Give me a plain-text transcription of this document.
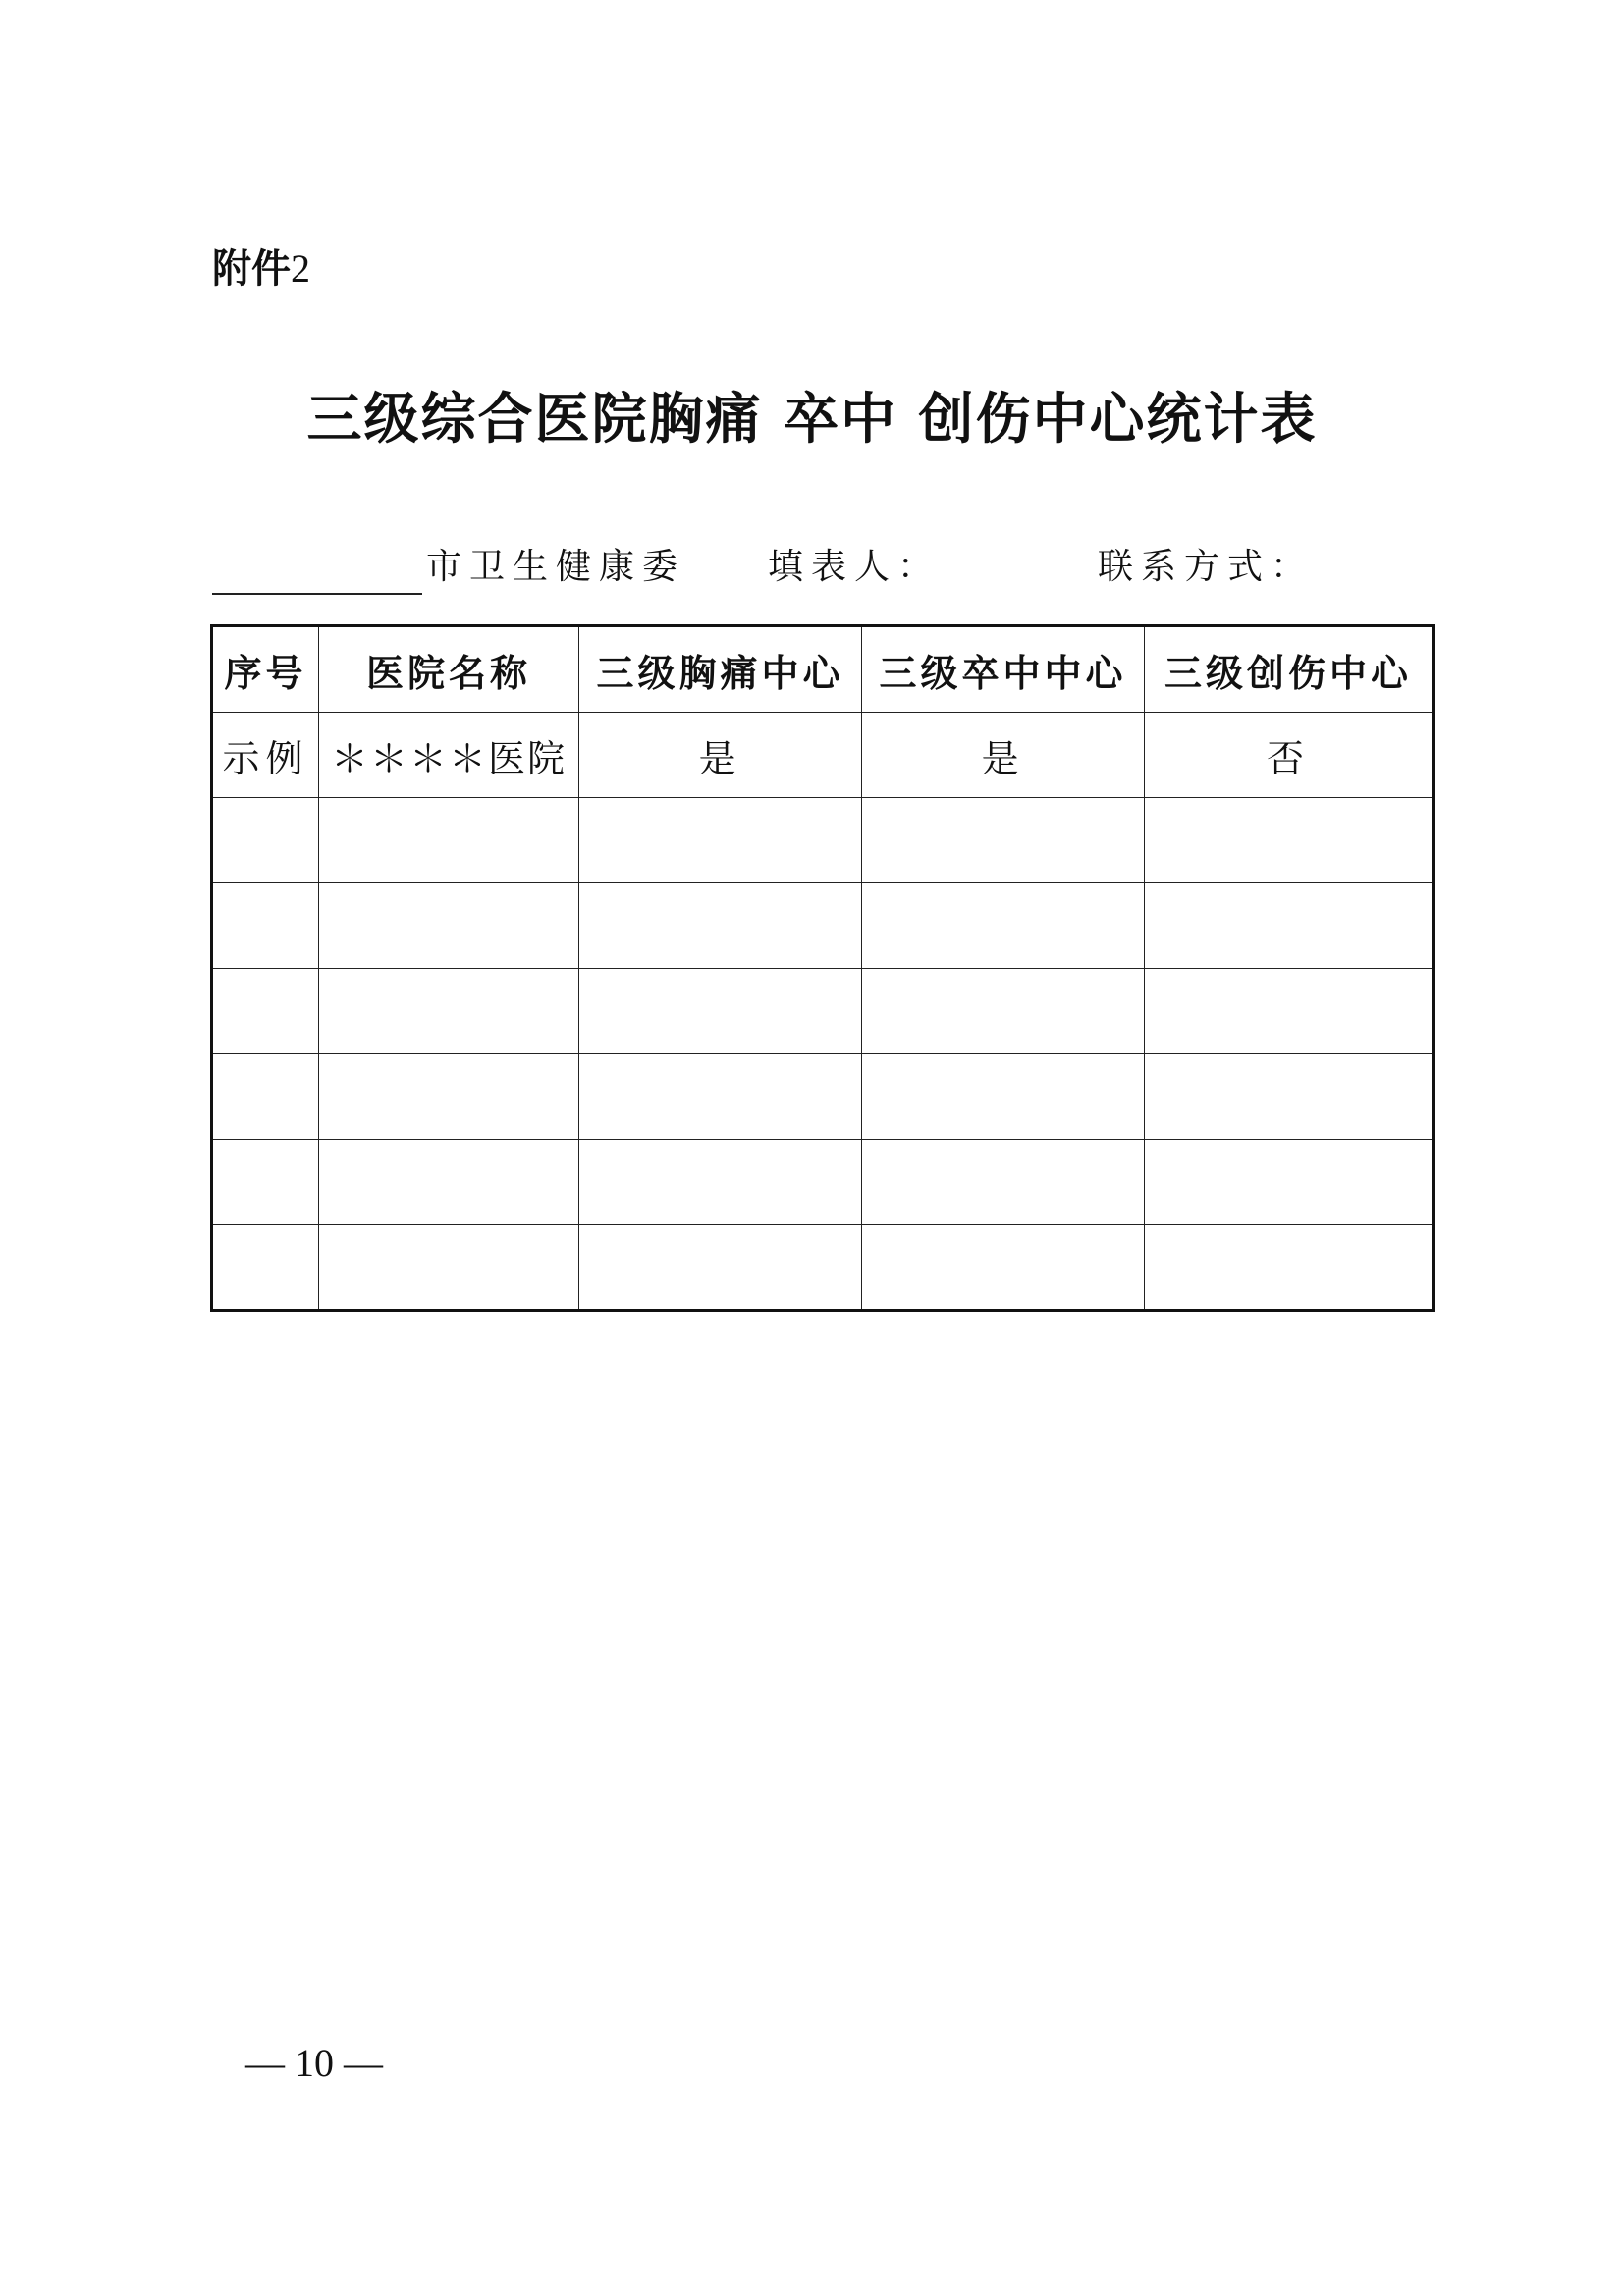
附件2
三级综合医院胸痛 卒中 创伤中心统计表
市卫生健康委 填表人：	联系方式：
序号	医院名称	三级胸痛中心	三级卒中中心	三级创伤中心
示例	＊＊＊＊医院	是	是	否

— 10 —
